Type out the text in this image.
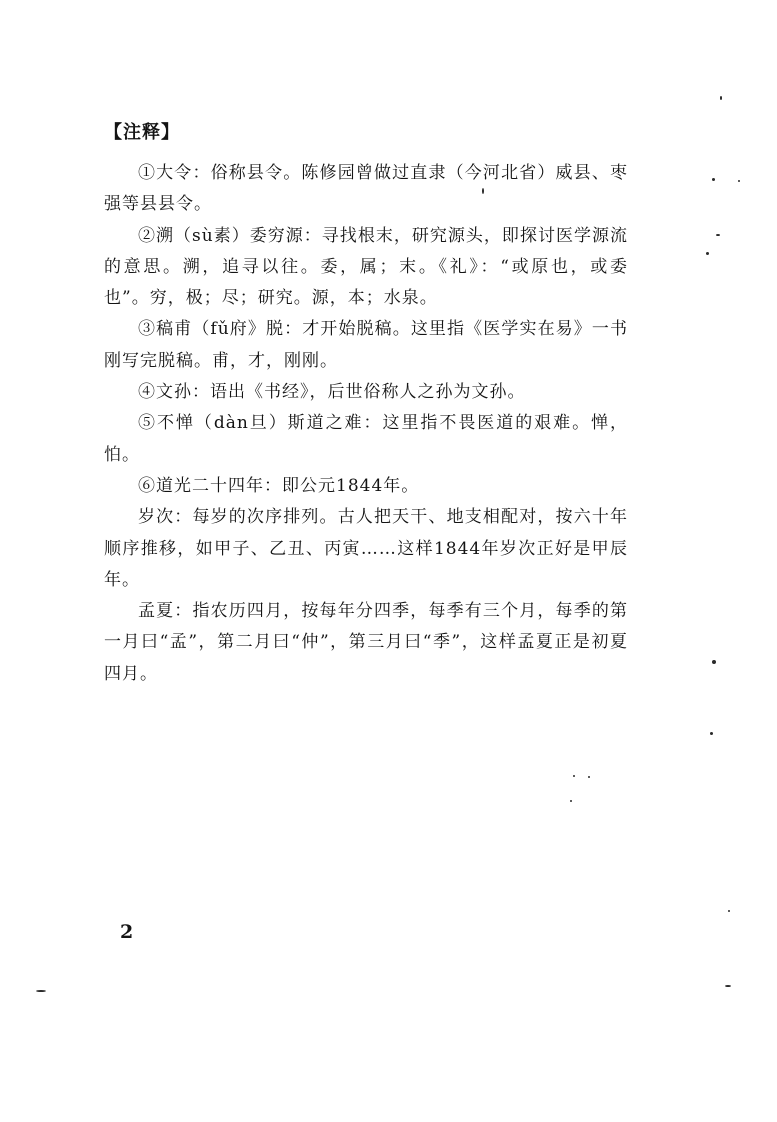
【注释】

①大令：俗称县令。陈修园曾做过直隶（今河北省）威县、枣强等县县令。

②溯（sù素）委穷源：寻找根末，研究源头，即探讨医学源流的意思。溯，追寻以往。委，属；末。《礼》：“或原也，或委也”。穷，极；尽；研究。源，本；水泉。

③稿甫（fǔ府》脱：才开始脱稿。这里指《医学实在易》一书刚写完脱稿。甫，才，刚刚。

④文孙：语出《书经》，后世俗称人之孙为文孙。

⑤不惮（dàn旦）斯道之难：这里指不畏医道的艰难。惮，怕。

⑥道光二十四年：即公元1844年。

岁次：每岁的次序排列。古人把天干、地支相配对，按六十年顺序推移，如甲子、乙丑、丙寅……这样1844年岁次正好是甲辰年。

孟夏：指农历四月，按每年分四季，每季有三个月，每季的第一月曰“孟”，第二月曰“仲”，第三月曰“季”，这样孟夏正是初夏四月。

2
